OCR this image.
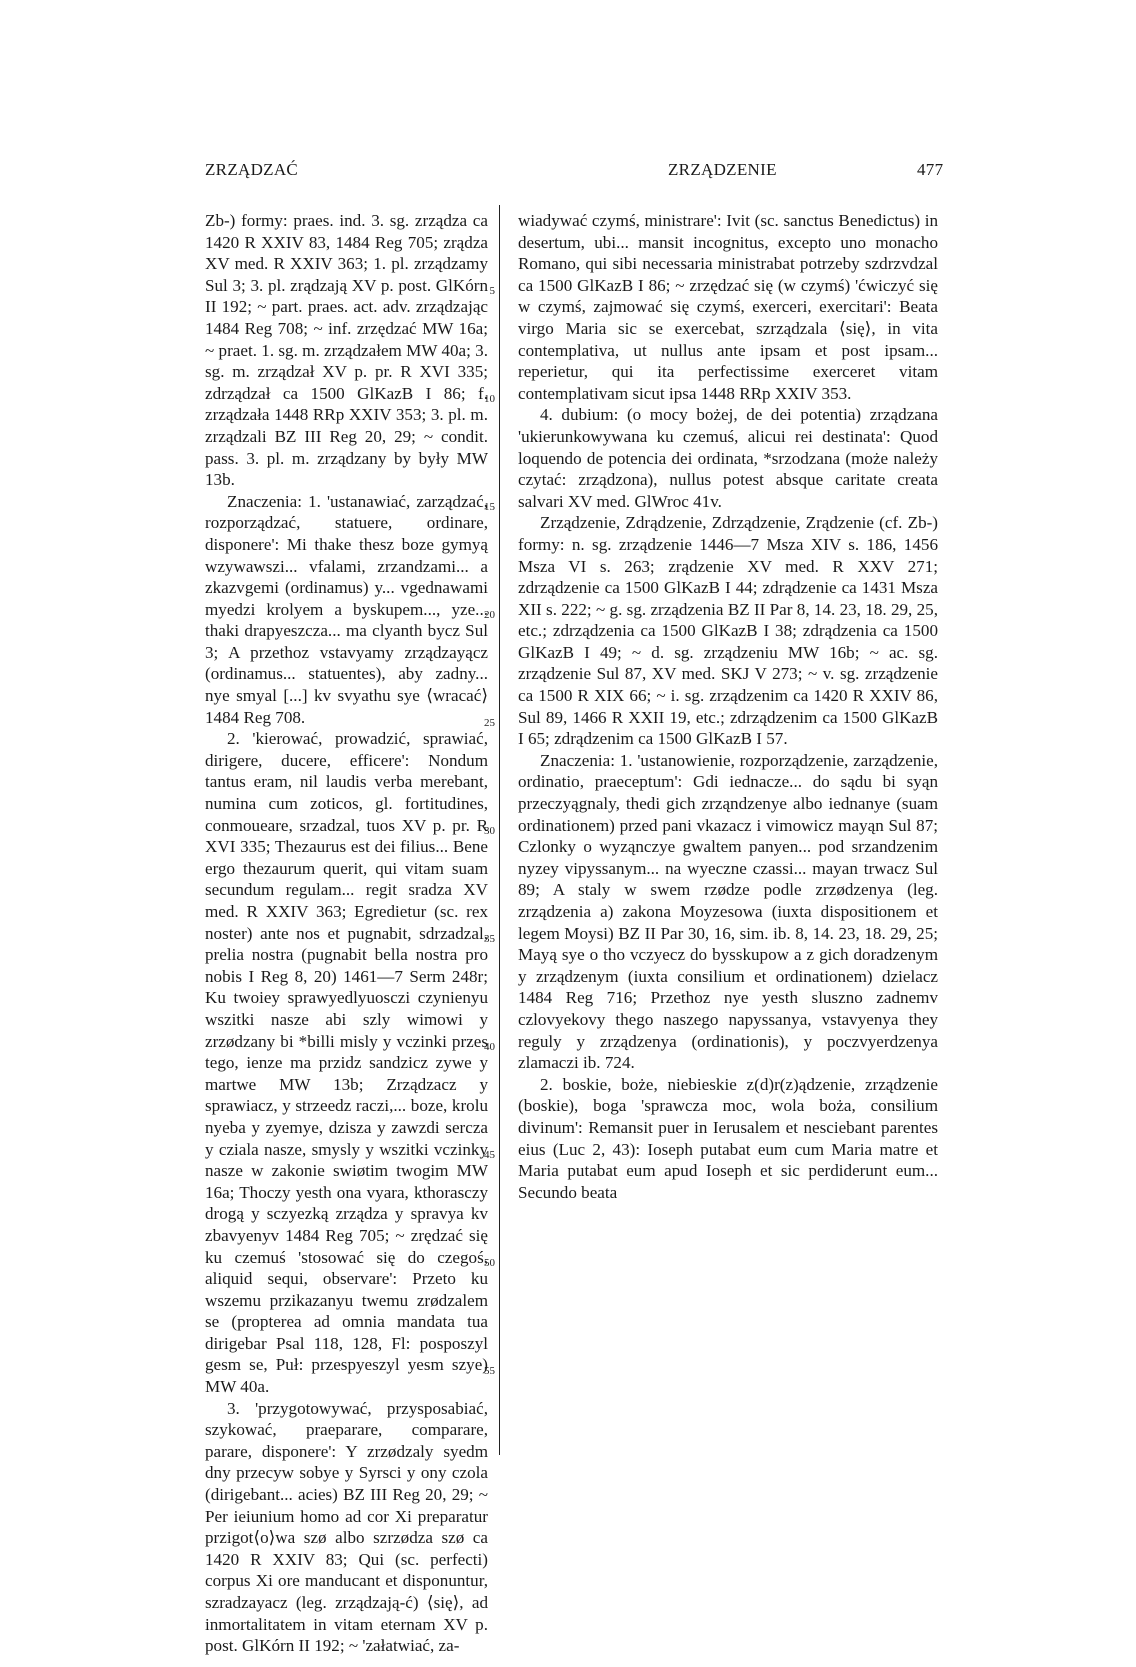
ZRZĄDZAĆ	ZRZĄDZENIE	477
5
10
15
20
25
30
35
40
45
50
55

Zb-) formy: praes. ind. 3. sg. zrządza ca 1420 R XXIV 83, 1484 Reg 705; zrądza XV med. R XXIV 363; 1. pl. zrządzamy Sul 3; 3. pl. zrądzają XV p. post. GlKórn II 192; ~ part. praes. act. adv. zrządzając 1484 Reg 708; ~ inf. zrzędzać MW 16a; ~ praet. 1. sg. m. zrządzałem MW 40a; 3. sg. m. zrządzał XV p. pr. R XVI 335; zdrządzał ca 1500 GlKazB I 86; f. zrządzała 1448 RRp XXIV 353; 3. pl. m. zrządzali BZ III Reg 20, 29; ~ condit. pass. 3. pl. m. zrządzany by były MW 13b.

Znaczenia: 1. 'ustanawiać, zarządzać, rozporządzać, statuere, ordinare, disponere': Mi thake thesz boze gymyą wzywawszi... vfalami, zrzandzami... a zkazvgemi (ordinamus) y... vgednawami myedzi krolyem a byskupem..., yze... thaki drapyeszcza... ma clyanth bycz Sul 3; A przethoz vstavyamy zrządzayącz (ordinamus... statuentes), aby zadny... nye smyal [...] kv svyathu sye ⟨wracać⟩ 1484 Reg 708.

2. 'kierować, prowadzić, sprawiać, dirigere, ducere, efficere': Nondum tantus eram, nil laudis verba merebant, numina cum zoticos, gl. fortitudines, conmoueare, srzadzal, tuos XV p. pr. R XVI 335; Thezaurus est dei filius... Bene ergo thezaurum querit, qui vitam suam secundum regulam... regit sradza XV med. R XXIV 363; Egredietur (sc. rex noster) ante nos et pugnabit, sdrzadzal, prelia nostra (pugnabit bella nostra pro nobis I Reg 8, 20) 1461—7 Serm 248r; Ku twoiey sprawyedlyuosczi czynienyu wszitki nasze abi szly wimowi y zrzødzany bi *billi misly y vczinki przes tego, ienze ma przidz sandzicz zywe y martwe MW 13b; Zrządzacz y sprawiacz, y strzeedz raczi,... boze, krolu nyeba y zyemye, dzisza y zawzdi sercza y cziala nasze, smysly y wszitki vczinky nasze w zakonie swiøtim twogim MW 16a; Thoczy yesth ona vyara, kthorasczy drogą y sczyezką zrządza y spravya kv zbavyenyv 1484 Reg 705; ~ zrędzać się ku czemuś 'stosować się do czegoś, aliquid sequi, observare': Przeto ku wszemu przikazanyu twemu zrødzalem se (propterea ad omnia mandata tua dirigebar Psal 118, 128, Fl: posposzyl gesm se, Puł: przespyeszyl yesm szye) MW 40a.

3. 'przygotowywać, przysposabiać, szykować, praeparare, comparare, parare, disponere': Y zrzødzaly syedm dny przecyw sobye y Syrsci y ony czola (dirigebant... acies) BZ III Reg 20, 29; ~ Per ieiunium homo ad cor Xi preparatur przigot⟨o⟩wa szø albo szrzødza szø ca 1420 R XXIV 83; Qui (sc. perfecti) corpus Xi ore manducant et disponuntur, szradzayacz (leg. zrządzają-ć) ⟨się⟩, ad inmortalitatem in vitam eternam XV p. post. GlKórn II 192; ~ 'załatwiać, za-

wiadywać czymś, ministrare': Ivit (sc. sanctus Benedictus) in desertum, ubi... mansit incognitus, excepto uno monacho Romano, qui sibi necessaria ministrabat potrzeby szdrzvdzal ca 1500 GlKazB I 86; ~ zrzędzać się (w czymś) 'ćwiczyć się w czymś, zajmować się czymś, exerceri, exercitari': Beata virgo Maria sic se exercebat, szrządzala ⟨się⟩, in vita contemplativa, ut nullus ante ipsam et post ipsam... reperietur, qui ita perfectissime exerceret vitam contemplativam sicut ipsa 1448 RRp XXIV 353.

4. dubium: (o mocy bożej, de dei potentia) zrządzana 'ukierunkowywana ku czemuś, alicui rei destinata': Quod loquendo de potencia dei ordinata, *srzodzana (może należy czytać: zrządzona), nullus potest absque caritate creata salvari XV med. GlWroc 41v.

Zrządzenie, Zdrądzenie, Zdrządzenie, Zrądzenie (cf. Zb-) formy: n. sg. zrządzenie 1446—7 Msza XIV s. 186, 1456 Msza VI s. 263; zrądzenie XV med. R XXV 271; zdrządzenie ca 1500 GlKazB I 44; zdrądzenie ca 1431 Msza XII s. 222; ~ g. sg. zrządzenia BZ II Par 8, 14. 23, 18. 29, 25, etc.; zdrządzenia ca 1500 GlKazB I 38; zdrądzenia ca 1500 GlKazB I 49; ~ d. sg. zrządzeniu MW 16b; ~ ac. sg. zrządzenie Sul 87, XV med. SKJ V 273; ~ v. sg. zrządzenie ca 1500 R XIX 66; ~ i. sg. zrządzenim ca 1420 R XXIV 86, Sul 89, 1466 R XXII 19, etc.; zdrządzenim ca 1500 GlKazB I 65; zdrądzenim ca 1500 GlKazB I 57.

Znaczenia: 1. 'ustanowienie, rozporządzenie, zarządzenie, ordinatio, praeceptum': Gdi iednacze... do sądu bi syąn przeczyągnaly, thedi gich zrząndzenye albo iednanye (suam ordinationem) przed pani vkazacz i vimowicz mayąn Sul 87; Czlonky o wyząnczye gwaltem panyen... pod srzandzenim nyzey vipyssanym... na wyeczne czassi... mayan trwacz Sul 89; A staly w swem rzødze podle zrzødzenya (leg. zrządzenia a) zakona Moyzesowa (iuxta dispositionem et legem Moysi) BZ II Par 30, 16, sim. ib. 8, 14. 23, 18. 29, 25; Mayą sye o tho vczyecz do bysskupow a z gich doradzenym y zrządzenym (iuxta consilium et ordinationem) dzielacz 1484 Reg 716; Przethoz nye yesth sluszno zadnemv czlovyekovy thego naszego napyssanya, vstavyenya they reguly y zrządzenya (ordinationis), y poczvyerdzenya zlamaczi ib. 724.

2. boskie, boże, niebieskie z(d)r(z)ądzenie, zrządzenie (boskie), boga 'sprawcza moc, wola boża, consilium divinum': Remansit puer in Ierusalem et nesciebant parentes eius (Luc 2, 43): Ioseph putabat eum cum Maria matre et Maria putabat eum apud Ioseph et sic perdiderunt eum... Secundo beata
